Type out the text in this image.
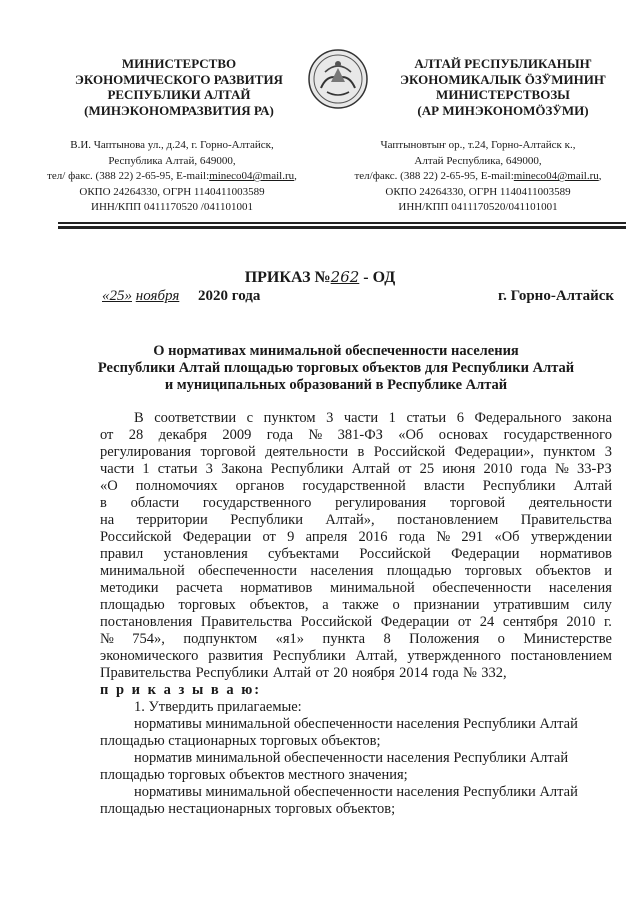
МИНИСТЕРСТВО
ЭКОНОМИЧЕСКОГО РАЗВИТИЯ
РЕСПУБЛИКИ АЛТАЙ
(МИНЭКОНОМРАЗВИТИЯ РА)
АЛТАЙ РЕСПУБЛИКАНЫҤ
ЭКОНОМИКАЛЫК ӦЗӰМИНИҤ
МИНИСТЕРСТВОЗЫ
(АР МИНЭКОНОМӦЗӰМИ)
В.И. Чаптынова ул., д.24, г. Горно-Алтайск,
Республика Алтай, 649000,
тел/ факс. (388 22) 2-65-95, E-mail:mineco04@mail.ru,
ОКПО 24264330, ОГРН 1140411003589
ИНН/КПП 0411170520 /041101001
Чаптыновтыҥ ор., т.24, Горно-Алтайск к.,
Алтай Республика, 649000,
тел/факс. (388 22) 2-65-95, E-mail:mineco04@mail.ru,
ОКПО 24264330, ОГРН 1140411003589
ИНН/КПП 0411170520/041101001
ПРИКАЗ №262 - ОД
«25» ноября 2020 года	г. Горно-Алтайск
О нормативах минимальной обеспеченности населения
Республики Алтай площадью торговых объектов для Республики Алтай
и муниципальных образований в Республике Алтай
В соответствии с пунктом 3 части 1 статьи 6 Федерального закона
от 28 декабря 2009 года № 381-ФЗ «Об основах государственного
регулирования торговой деятельности в Российской Федерации», пунктом 3
части 1 статьи 3 Закона Республики Алтай от 25 июня 2010 года № 33-РЗ
«О полномочиях органов государственной власти Республики Алтай
в области государственного регулирования торговой деятельности
на территории Республики Алтай», постановлением Правительства
Российской Федерации от 9 апреля 2016 года № 291 «Об утверждении
правил установления субъектами Российской Федерации нормативов
минимальной обеспеченности населения площадью торговых объектов и
методики расчета нормативов минимальной обеспеченности населения
площадью торговых объектов, а также о признании утратившим силу
постановления Правительства Российской Федерации от 24 сентября 2010 г.
№ 754», подпунктом «я1» пункта 8 Положения о Министерстве
экономического развития Республики Алтай, утвержденного постановлением
Правительства Республики Алтай от 20 ноября 2014 года № 332,
п р и к а з ы в а ю:
1. Утвердить прилагаемые:
нормативы минимальной обеспеченности населения Республики Алтай
площадью стационарных торговых объектов;
норматив минимальной обеспеченности населения Республики Алтай
площадью торговых объектов местного значения;
нормативы минимальной обеспеченности населения Республики Алтай
площадью нестационарных торговых объектов;
